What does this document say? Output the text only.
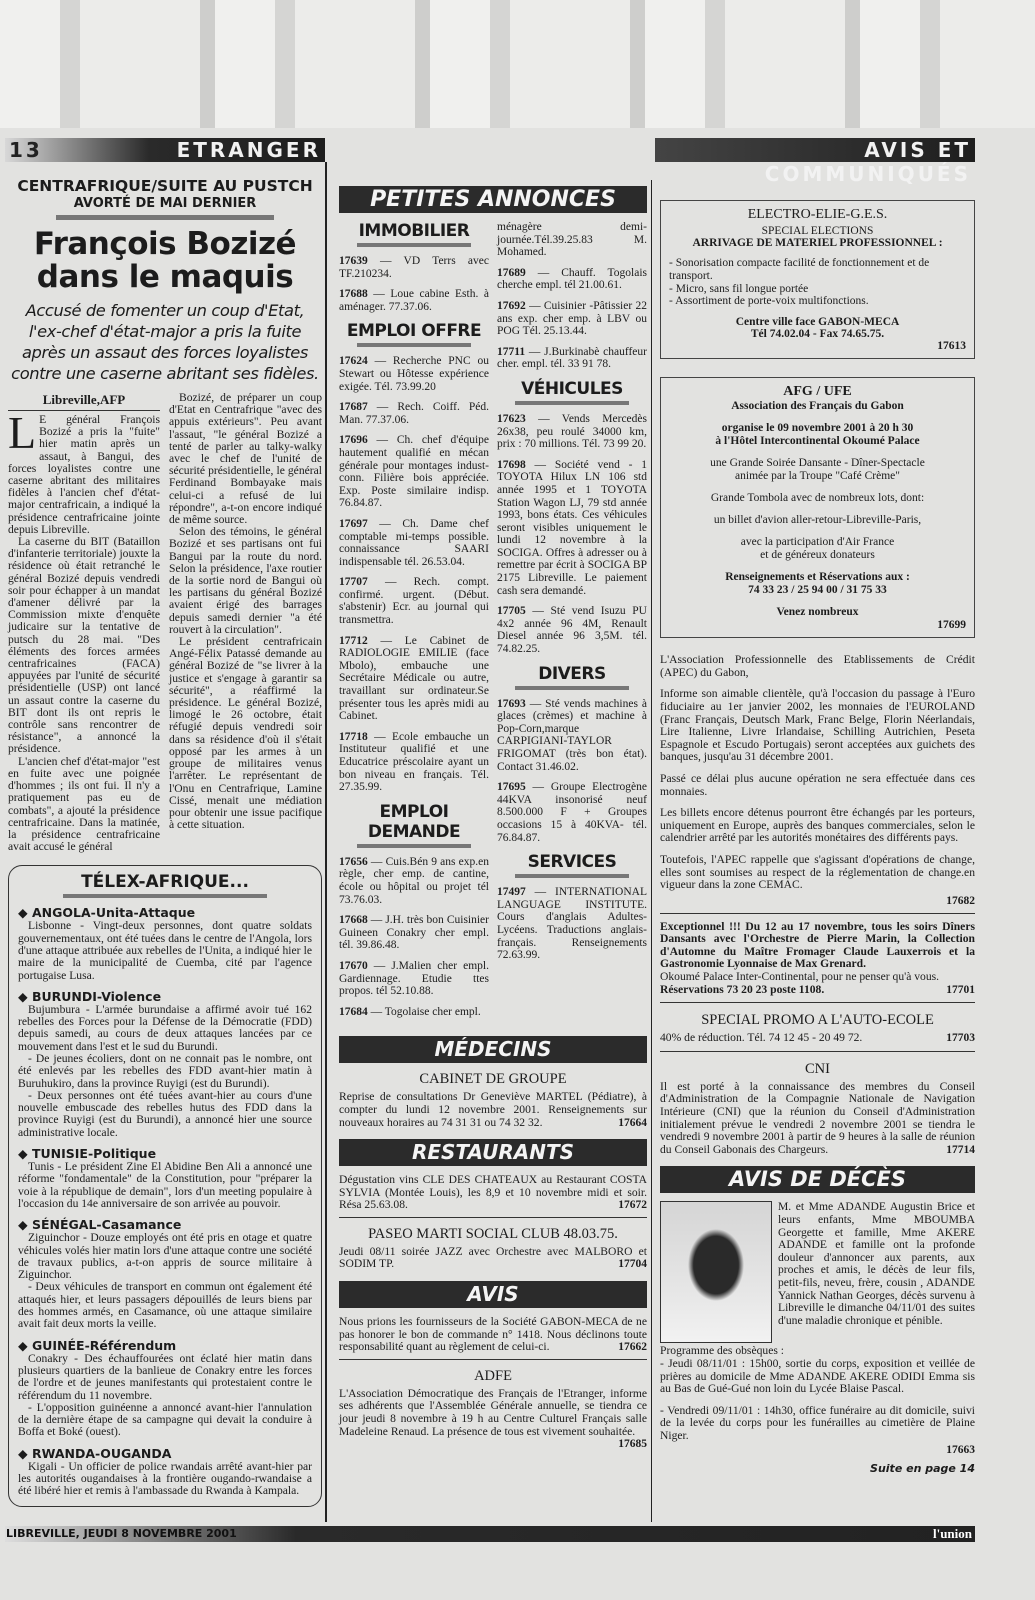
13	ETRANGER	AVIS ET COMMUNIQUÉS
CENTRAFRIQUE/SUITE AU PUSTCH
AVORTÉ DE MAI DERNIER
François Bozizé
dans le maquis
Accusé de fomenter un coup d'Etat, l'ex-chef d'état-major a pris la fuite après un assaut des forces loyalistes contre une caserne abritant ses fidèles.
Libreville,AFP

L E général François Bozizé a pris la "fuite" hier matin après un assaut, à Bangui, des forces loyalistes contre une caserne abritant des militaires fidèles à l'ancien chef d'état-major centrafricain, a indiqué la présidence centrafricaine jointe depuis Libreville.

La caserne du BIT (Bataillon d'infanterie territoriale) jouxte la résidence où était retranché le général Bozizé depuis vendredi soir pour échapper à un mandat d'amener délivré par la Commission mixte d'enquête judicaire sur la tentative de putsch du 28 mai. "Des éléments des forces armées centrafricaines (FACA) appuyées par l'unité de sécurité présidentielle (USP) ont lancé un assaut contre la caserne du BIT dont ils ont repris le contrôle sans rencontrer de résistance", a annoncé la présidence.

L'ancien chef d'état-major "est en fuite avec une poignée d'hommes ; ils ont fui. Il n'y a pratiquement pas eu de combats", a ajouté la présidence centrafricaine. Dans la matinée, la présidence centrafricaine avait accusé le général

Bozizé, de préparer un coup d'Etat en Centrafrique "avec des appuis extérieurs". Peu avant l'assaut, "le général Bozizé a tenté de parler au talky-walky avec le chef de l'unité de sécurité présidentielle, le général Ferdinand Bombayake mais celui-ci a refusé de lui répondre", a-t-on encore indiqué de même source.

Selon des témoins, le général Bozizé et ses partisans ont fui Bangui par la route du nord. Selon la présidence, l'axe routier de la sortie nord de Bangui où les partisans du général Bozizé avaient érigé des barrages depuis samedi dernier "a été rouvert à la circulation".

Le président centrafricain Angé-Félix Patassé demande au général Bozizé de "se livrer à la justice et s'engage à garantir sa sécurité", a réaffirmé la présidence. Le général Bozizé, limogé le 26 octobre, était réfugié depuis vendredi soir dans sa résidence d'où il s'était opposé par les armes à un groupe de militaires venus l'arrêter. Le représentant de l'Onu en Centrafrique, Lamine Cissé, menait une médiation pour obtenir une issue pacifique à cette situation.

TÉLEX-AFRIQUE...
◆ ANGOLA-Unita-Attaque

Lisbonne - Vingt-deux personnes, dont quatre soldats gouvernementaux, ont été tuées dans le centre de l'Angola, lors d'une attaque attribuée aux rebelles de l'Unita, a indiqué hier le maire de la municipalité de Cuemba, cité par l'agence portugaise Lusa.

◆ BURUNDI-Violence

Bujumbura - L'armée burundaise a affirmé avoir tué 162 rebelles des Forces pour la Défense de la Démocratie (FDD) depuis samedi, au cours de deux attaques lancées par ce mouvement dans l'est et le sud du Burundi.

- De jeunes écoliers, dont on ne connait pas le nombre, ont été enlevés par les rebelles des FDD avant-hier matin à Buruhukiro, dans la province Ruyigi (est du Burundi).

- Deux personnes ont été tuées avant-hier au cours d'une nouvelle embuscade des rebelles hutus des FDD dans la province Ruyigi (est du Burundi), a annoncé hier une source administrative locale.

◆ TUNISIE-Politique

Tunis - Le président Zine El Abidine Ben Ali a annoncé une réforme "fondamentale" de la Constitution, pour "préparer la voie à la république de demain", lors d'un meeting populaire à l'occasion du 14e anniversaire de son arrivée au pouvoir.

◆ SÉNÉGAL-Casamance

Ziguinchor - Douze employés ont été pris en otage et quatre véhicules volés hier matin lors d'une attaque contre une société de travaux publics, a-t-on appris de source militaire à Ziguinchor.

- Deux véhicules de transport en commun ont également été attaqués hier, et leurs passagers dépouillés de leurs biens par des hommes armés, en Casamance, où une attaque similaire avait fait deux morts la veille.

◆ GUINÉE-Référendum

Conakry - Des échauffourées ont éclaté hier matin dans plusieurs quartiers de la banlieue de Conakry entre les forces de l'ordre et de jeunes manifestants qui protestaient contre le référendum du 11 novembre.

- L'opposition guinéenne a annoncé avant-hier l'annulation de la dernière étape de sa campagne qui devait la conduire à Boffa et Boké (ouest).

◆ RWANDA-OUGANDA

Kigali - Un officier de police rwandais arrêté avant-hier par les autorités ougandaises à la frontière ougando-rwandaise a été libéré hier et remis à l'ambassade du Rwanda à Kampala.

PETITES ANNONCES
IMMOBILIER
17639 — VD Terrs avec TF.210234.
17688 — Loue cabine Esth. à aménager. 77.37.06.
EMPLOI OFFRE
17624 — Recherche PNC ou Stewart ou Hôtesse expérience exigée. Tél. 73.99.20
17687 — Rech. Coiff. Péd. Man. 77.37.06.
17696 — Ch. chef d'équipe hautement qualifié en mécan générale pour montages indust-conn. Filière bois appréciée. Exp. Poste similaire indisp. 76.84.87.
17697 — Ch. Dame chef comptable mi-temps possible. connaissance SAARI indispensable tél. 26.53.04.
17707 — Rech. compt. confirmé. urgent. (Début. s'abstenir) Ecr. au journal qui transmettra.
17712 — Le Cabinet de RADIOLOGIE EMILIE (face Mbolo), embauche une Secrétaire Médicale ou autre, travaillant sur ordinateur.Se présenter tous les après midi au Cabinet.
17718 — Ecole embauche un Instituteur qualifié et une Educatrice préscolaire ayant un bon niveau en français. Tél. 27.35.99.
EMPLOI DEMANDE
17656 — Cuis.Bén 9 ans exp.en règle, cher emp. de cantine, école ou hôpital ou projet tél 73.76.03.
17668 — J.H. très bon Cuisinier Guineen Conakry cher empl. tél. 39.86.48.
17670 — J.Malien cher empl. Gardiennage. Etudie ttes propos. tél 52.10.88.
17684 — Togolaise cher empl.
ménagère demi-journée.Tél.39.25.83 M. Mohamed.
17689 — Chauff. Togolais cherche empl. tél 21.00.61.
17692 — Cuisinier -Pâtissier 22 ans exp. cher emp. à LBV ou POG Tél. 25.13.44.
17711 — J.Burkinabè chauffeur cher. empl. tél. 33 91 78.
VÉHICULES
17623 — Vends Mercedès 26x38, peu roulé 34000 km, prix : 70 millions. Tél. 73 99 20.
17698 — Société vend - 1 TOYOTA Hilux LN 106 std année 1995 et 1 TOYOTA Station Wagon LJ, 79 std année 1993, bons états. Ces véhicules seront visibles uniquement le lundi 12 novembre à la SOCIGA. Offres à adresser ou à remettre par écrit à SOCIGA BP 2175 Libreville. Le paiement cash sera demandé.
17705 — Sté vend Isuzu PU 4x2 année 96 4M, Renault Diesel année 96 3,5M. tél. 74.82.25.
DIVERS
17693 — Sté vends machines à glaces (crèmes) et machine à Pop-Corn,marque CARPIGIANI-TAYLOR FRIGOMAT (très bon état). Contact 31.46.02.
17695 — Groupe Electrogène 44KVA insonorisé neuf 8.500.000 F + Groupes occasions 15 à 40KVA- tél. 76.84.87.
SERVICES
17497 — INTERNATIONAL LANGUAGE INSTITUTE. Cours d'anglais Adultes-Lycéens. Traductions anglais-français. Renseignements 72.63.99.
MÉDECINS
CABINET DE GROUPE

Reprise de consultations Dr Geneviève MARTEL (Pédiatre), à compter du lundi 12 novembre 2001. Renseignements sur nouveaux horaires au 74 31 31 ou 74 32 32.	17664

RESTAURANTS

Dégustation vins CLE DES CHATEAUX au Restaurant COSTA SYLVIA (Montée Louis), les 8,9 et 10 novembre midi et soir. Résa 25.63.08.	17672

PASEO MARTI SOCIAL CLUB 48.03.75.

Jeudi 08/11 soirée JAZZ avec Orchestre avec MALBORO et SODIM TP.	17704

AVIS

Nous prions les fournisseurs de la Société GABON-MECA de ne pas honorer le bon de commande n° 1418. Nous déclinons toute responsabilité quant au règlement de celui-ci.	17662

ADFE

L'Association Démocratique des Français de l'Etranger, informe ses adhérents que l'Assemblée Générale annuelle, se tiendra ce jour jeudi 8 novembre à 19 h au Centre Culturel Français salle Madeleine Renaud. La présence de tous est vivement souhaitée.
17685

ELECTRO-ELIE-G.E.S.
SPECIAL ELECTIONS
ARRIVAGE DE MATERIEL PROFESSIONNEL :
- Sonorisation compacte facilité de fonctionnement et de transport.
- Micro, sans fil longue portée
- Assortiment de porte-voix multifonctions.
Centre ville face GABON-MECA
Tél 74.02.04 - Fax 74.65.75.
17613
AFG / UFE
Association des Français du Gabon
organise le 09 novembre 2001 à 20 h 30
à l'Hôtel Intercontinental Okoumé Palace
une Grande Soirée Dansante - Dîner-Spectacle
animée par la Troupe "Café Crème"
Grande Tombola avec de nombreux lots, dont:
un billet d'avion aller-retour-Libreville-Paris,
avec la participation d'Air France
et de généreux donateurs
Renseignements et Réservations aux :
74 33 23 / 25 94 00 / 31 75 33
Venez nombreux
17699

L'Association Professionnelle des Etablissements de Crédit (APEC) du Gabon,

Informe son aimable clientèle, qu'à l'occasion du passage à l'Euro fiduciaire au 1er janvier 2002, les monnaies de l'EUROLAND (Franc Français, Deutsch Mark, Franc Belge, Florin Néerlandais, Lire Italienne, Livre Irlandaise, Schilling Autrichien, Peseta Espagnole et Escudo Portugais) seront acceptées aux guichets des banques, jusqu'au 31 décembre 2001.

Passé ce délai plus aucune opération ne sera effectuée dans ces monnaies.

Les billets encore détenus pourront être échangés par les porteurs, uniquement en Europe, auprès des banques commerciales, selon le calendrier arrêté par les autorités monétaires des différents pays.

Toutefois, l'APEC rappelle que s'agissant d'opérations de change, elles sont soumises au respect de la réglementation de change.en vigueur dans la zone CEMAC.

17682

Exceptionnel !!! Du 12 au 17 novembre, tous les soirs Dîners Dansants avec l'Orchestre de Pierre Marin, la Collection d'Automne du Maître Fromager Claude Lauxerrois et la Gastronomie Lyonnaise de Max Grenard.

Okoumé Palace Inter-Continental, pour ne penser qu'à vous.

Réservations 73 20 23 poste 1108.	17701

SPECIAL PROMO A L'AUTO-ECOLE

40% de réduction. Tél. 74 12 45 - 20 49 72.	17703

CNI

Il est porté à la connaissance des membres du Conseil d'Administration de la Compagnie Nationale de Navigation Intérieure (CNI) que la réunion du Conseil d'Administration initialement prévue le vendredi 2 novembre 2001 se tiendra le vendredi 9 novembre 2001 à partir de 9 heures à la salle de réunion du Conseil Gabonais des Chargeurs.	17714

AVIS DE DÉCÈS

M. et Mme ADANDE Augustin Brice et leurs enfants, Mme MBOUMBA Georgette et famille, Mme AKERE ADANDE et famille ont la profonde douleur d'annoncer aux parents, aux proches et amis, le décès de leur fils, petit-fils, neveu, frère, cousin , ADANDE Yannick Nathan Georges, décès survenu à Libreville le dimanche 04/11/01 des suites d'une maladie chronique et pénible.

Programme des obsèques :

- Jeudi 08/11/01 : 15h00, sortie du corps, exposition et veillée de prières au domicile de Mme ADANDE AKERE ODIDI Emma sis au Bas de Gué-Gué non loin du Lycée Blaise Pascal.

- Vendredi 09/11/01 : 14h30, office funéraire au dit domicile, suivi de la levée du corps pour les funérailles au cimetière de Plaine Niger.

17663
Suite en page 14
LIBREVILLE, JEUDI 8 NOVEMBRE 2001	l'union
